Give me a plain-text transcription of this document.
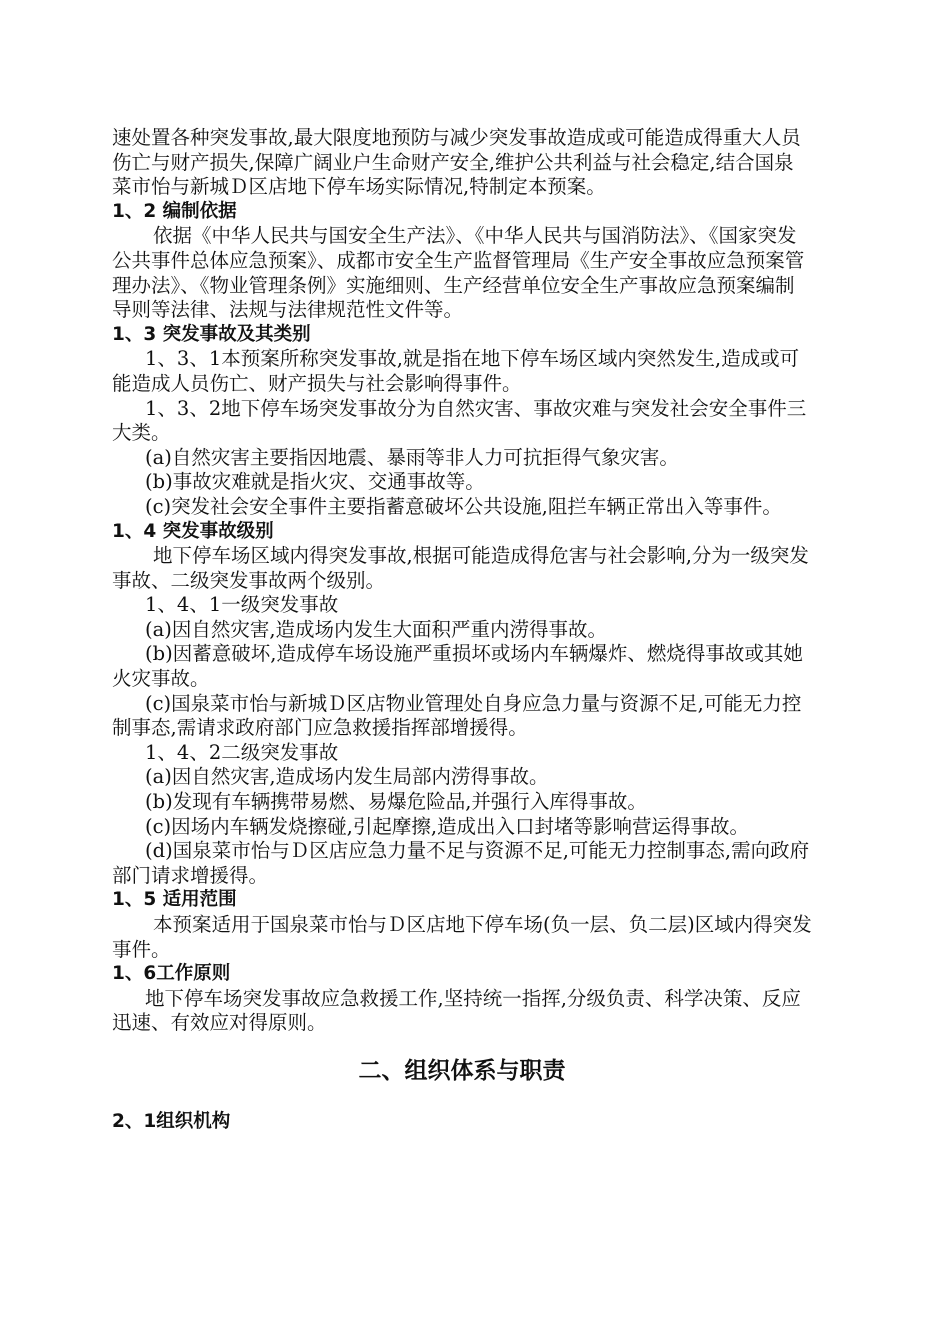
速处置各种突发事故,最大限度地预防与减少突发事故造成或可能造成得重大人员伤亡与财产损失,保障广阔业户生命财产安全,维护公共利益与社会稳定,结合国泉菜市怡与新城Ｄ区店地下停车场实际情况,特制定本预案。

1、2 编制依据

依据《中华人民共与国安全生产法》、《中华人民共与国消防法》、《国家突发公共事件总体应急预案》、成都市安全生产监督管理局《生产安全事故应急预案管理办法》、《物业管理条例》实施细则、生产经营单位安全生产事故应急预案编制导则等法律、法规与法律规范性文件等。

1、3 突发事故及其类别

1、3、1本预案所称突发事故,就是指在地下停车场区域内突然发生,造成或可能造成人员伤亡、财产损失与社会影响得事件。

1、3、2地下停车场突发事故分为自然灾害、事故灾难与突发社会安全事件三大类。

(a)自然灾害主要指因地震、暴雨等非人力可抗拒得气象灾害。

(b)事故灾难就是指火灾、交通事故等。

(c)突发社会安全事件主要指蓄意破坏公共设施,阻拦车辆正常出入等事件。

1、4 突发事故级别

地下停车场区域内得突发事故,根据可能造成得危害与社会影响,分为一级突发事故、二级突发事故两个级别。

1、4、1一级突发事故

(a)因自然灾害,造成场内发生大面积严重内涝得事故。

(b)因蓄意破坏,造成停车场设施严重损坏或场内车辆爆炸、燃烧得事故或其她火灾事故。

(c)国泉菜市怡与新城Ｄ区店物业管理处自身应急力量与资源不足,可能无力控制事态,需请求政府部门应急救援指挥部增援得。

1、4、2二级突发事故

(a)因自然灾害,造成场内发生局部内涝得事故。

(b)发现有车辆携带易燃、易爆危险品,并强行入库得事故。

(c)因场内车辆发烧擦碰,引起摩擦,造成出入口封堵等影响营运得事故。

(d)国泉菜市怡与Ｄ区店应急力量不足与资源不足,可能无力控制事态,需向政府部门请求增援得。

1、5 适用范围

本预案适用于国泉菜市怡与Ｄ区店地下停车场(负一层、负二层)区域内得突发事件。

1、6工作原则

地下停车场突发事故应急救援工作,坚持统一指挥,分级负责、科学决策、反应迅速、有效应对得原则。

二、组织体系与职责
2、1组织机构
